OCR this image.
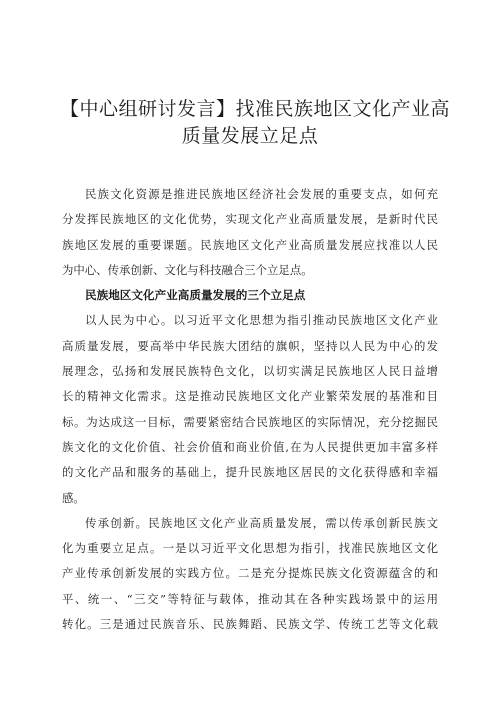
【中心组研讨发言】找准民族地区文化产业高
质量发展立足点
民族文化资源是推进民族地区经济社会发展的重要支点，如何充
分发挥民族地区的文化优势，实现文化产业高质量发展，是新时代民
族地区发展的重要课题。民族地区文化产业高质量发展应找准以人民
为中心、传承创新、文化与科技融合三个立足点。
民族地区文化产业高质量发展的三个立足点
以人民为中心。以习近平文化思想为指引推动民族地区文化产业
高质量发展，要高举中华民族大团结的旗帜，坚持以人民为中心的发
展理念，弘扬和发展民族特色文化，以切实满足民族地区人民日益增
长的精神文化需求。这是推动民族地区文化产业繁荣发展的基准和目
标。为达成这一目标，需要紧密结合民族地区的实际情况，充分挖掘民
族文化的文化价值、社会价值和商业价值,在为人民提供更加丰富多样
的文化产品和服务的基础上，提升民族地区居民的文化获得感和幸福
感。
传承创新。民族地区文化产业高质量发展，需以传承创新民族文
化为重要立足点。一是以习近平文化思想为指引，找准民族地区文化
产业传承创新发展的实践方位。二是充分提炼民族文化资源蕴含的和
平、统一、“三交”等特征与载体，推动其在各种实践场景中的运用
转化。三是通过民族音乐、民族舞蹈、民族文学、传统工艺等文化载
